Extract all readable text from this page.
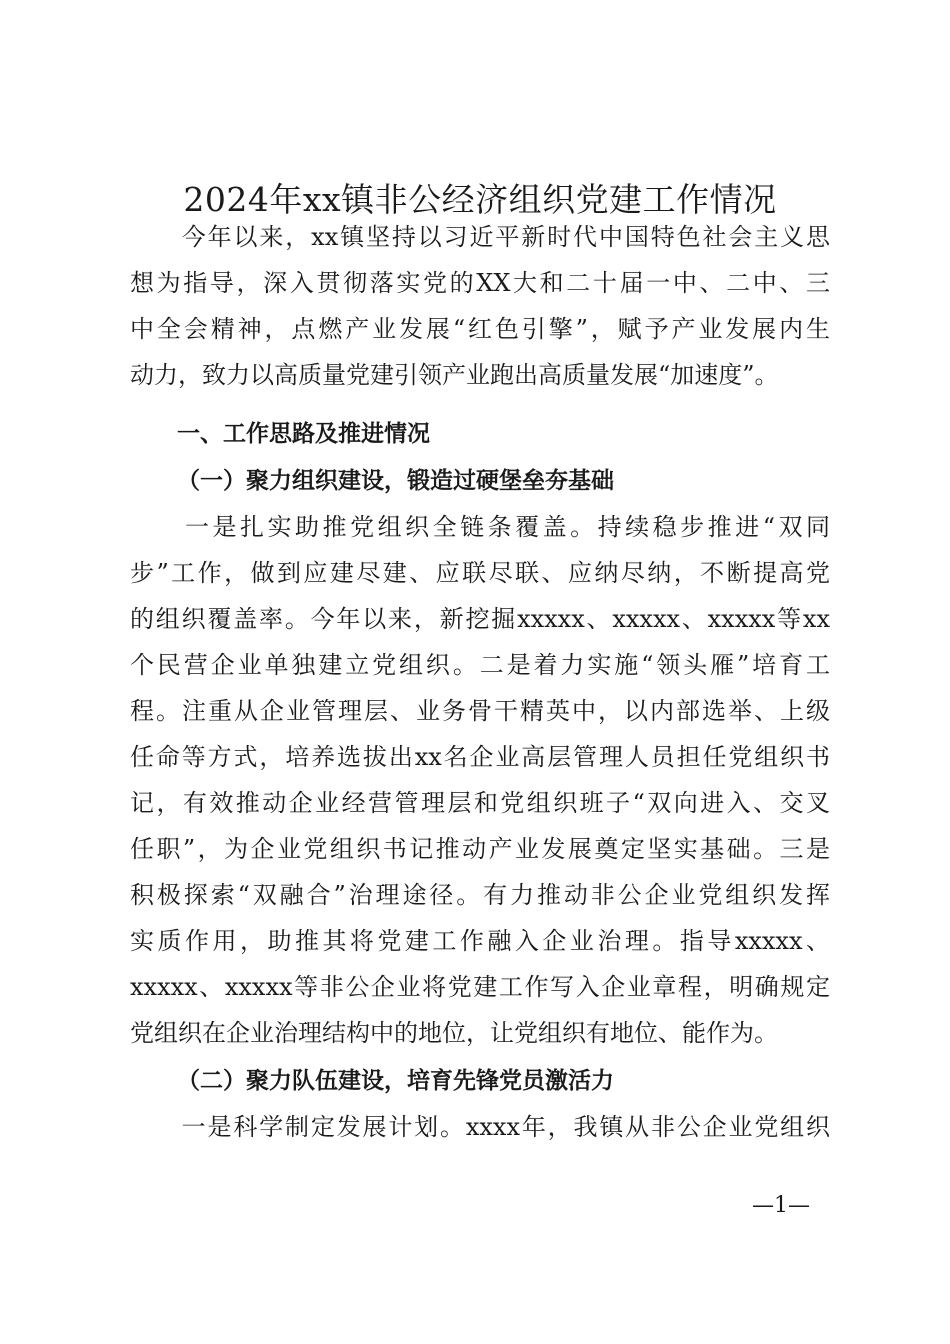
2024年xx镇非公经济组织党建工作情况
　　今年以来，xx镇坚持以习近平新时代中国特色社会主义思
想为指导，深入贯彻落实党的XX大和二十届一中、二中、三
中全会精神，点燃产业发展“红色引擎”，赋予产业发展内生
动力，致力以高质量党建引领产业跑出高质量发展“加速度”。
一、工作思路及推进情况
（一）聚力组织建设，锻造过硬堡垒夯基础
　　一是扎实助推党组织全链条覆盖。持续稳步推进“双同
步”工作，做到应建尽建、应联尽联、应纳尽纳，不断提高党
的组织覆盖率。今年以来，新挖掘xxxxx、xxxxx、xxxxx等xx
个民营企业单独建立党组织。二是着力实施“领头雁”培育工
程。注重从企业管理层、业务骨干精英中，以内部选举、上级
任命等方式，培养选拔出xx名企业高层管理人员担任党组织书
记，有效推动企业经营管理层和党组织班子“双向进入、交叉
任职”，为企业党组织书记推动产业发展奠定坚实基础。三是
积极探索“双融合”治理途径。有力推动非公企业党组织发挥
实质作用，助推其将党建工作融入企业治理。指导xxxxx、
xxxxx、xxxxx等非公企业将党建工作写入企业章程，明确规定
党组织在企业治理结构中的地位，让党组织有地位、能作为。
（二）聚力队伍建设，培育先锋党员激活力
　　一是科学制定发展计划。xxxx年，我镇从非公企业党组织
—1—
